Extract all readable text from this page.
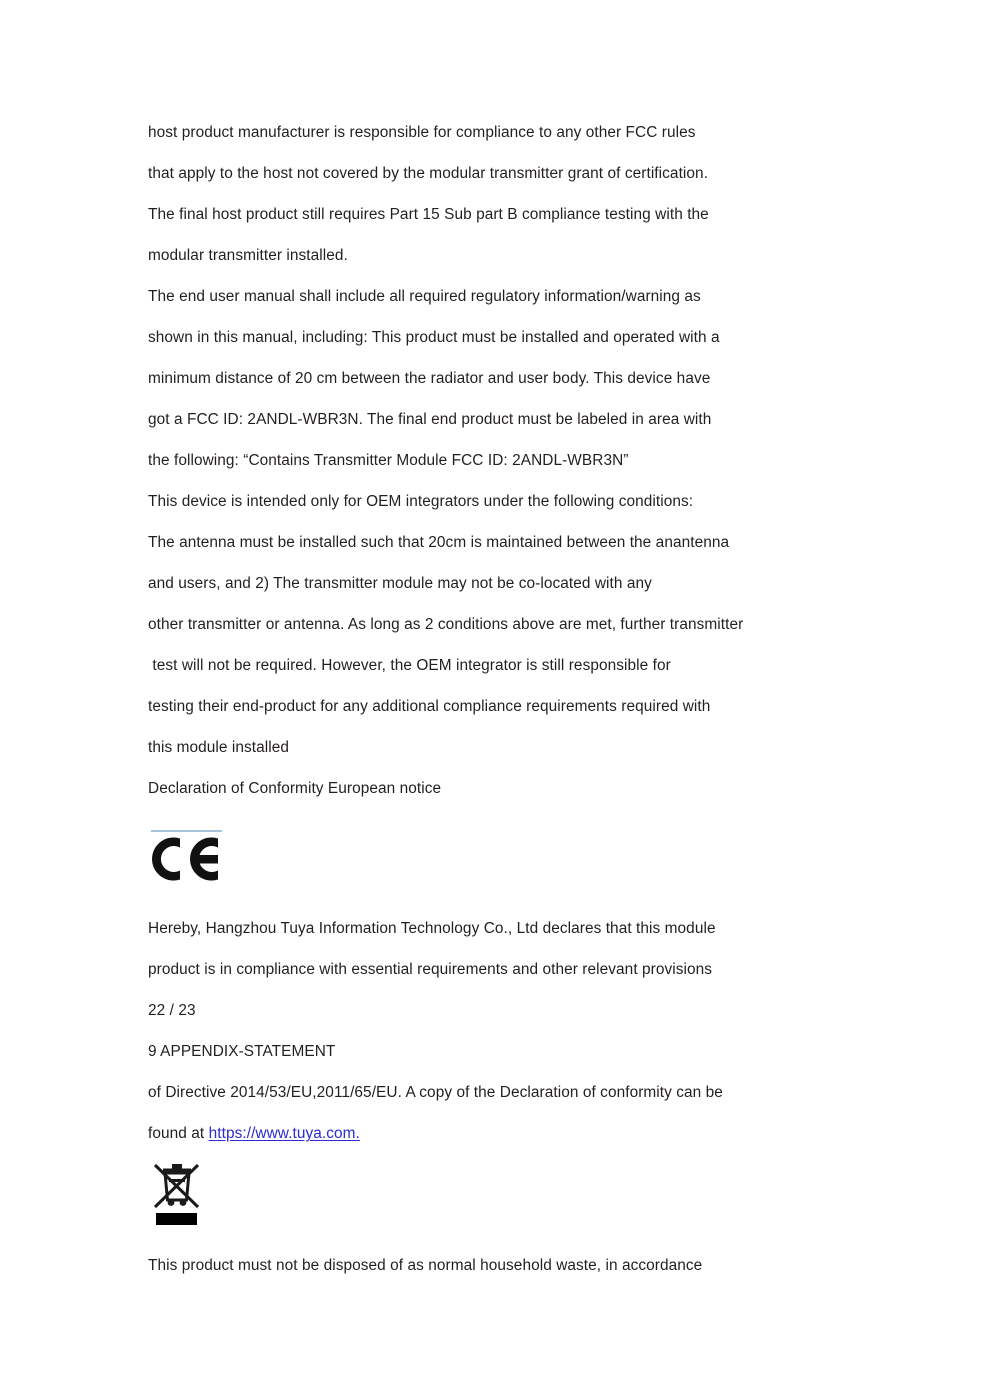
host product manufacturer is responsible for compliance to any other FCC rules
that apply to the host not covered by the modular transmitter grant of certification.
The final host product still requires Part 15 Sub part B compliance testing with the
modular transmitter installed.
The end user manual shall include all required regulatory information/warning as
shown in this manual, including: This product must be installed and operated with a
minimum distance of 20 cm between the radiator and user body. This device have
got a FCC ID: 2ANDL-WBR3N. The final end product must be labeled in area with
the following: “Contains Transmitter Module FCC ID: 2ANDL-WBR3N”
This device is intended only for OEM integrators under the following conditions:
The antenna must be installed such that 20cm is maintained between the anantenna
and users, and 2) The transmitter module may not be co-located with any
other transmitter or antenna. As long as 2 conditions above are met, further transmitter
test will not be required. However, the OEM integrator is still responsible for
testing their end-product for any additional compliance requirements required with
this module installed
Declaration of Conformity European notice
Hereby, Hangzhou Tuya Information Technology Co., Ltd declares that this module
product is in compliance with essential requirements and other relevant provisions
22 / 23
9 APPENDIX-STATEMENT
of Directive 2014/53/EU,2011/65/EU. A copy of the Declaration of conformity can be
found at https://www.tuya.com.
This product must not be disposed of as normal household waste, in accordance
